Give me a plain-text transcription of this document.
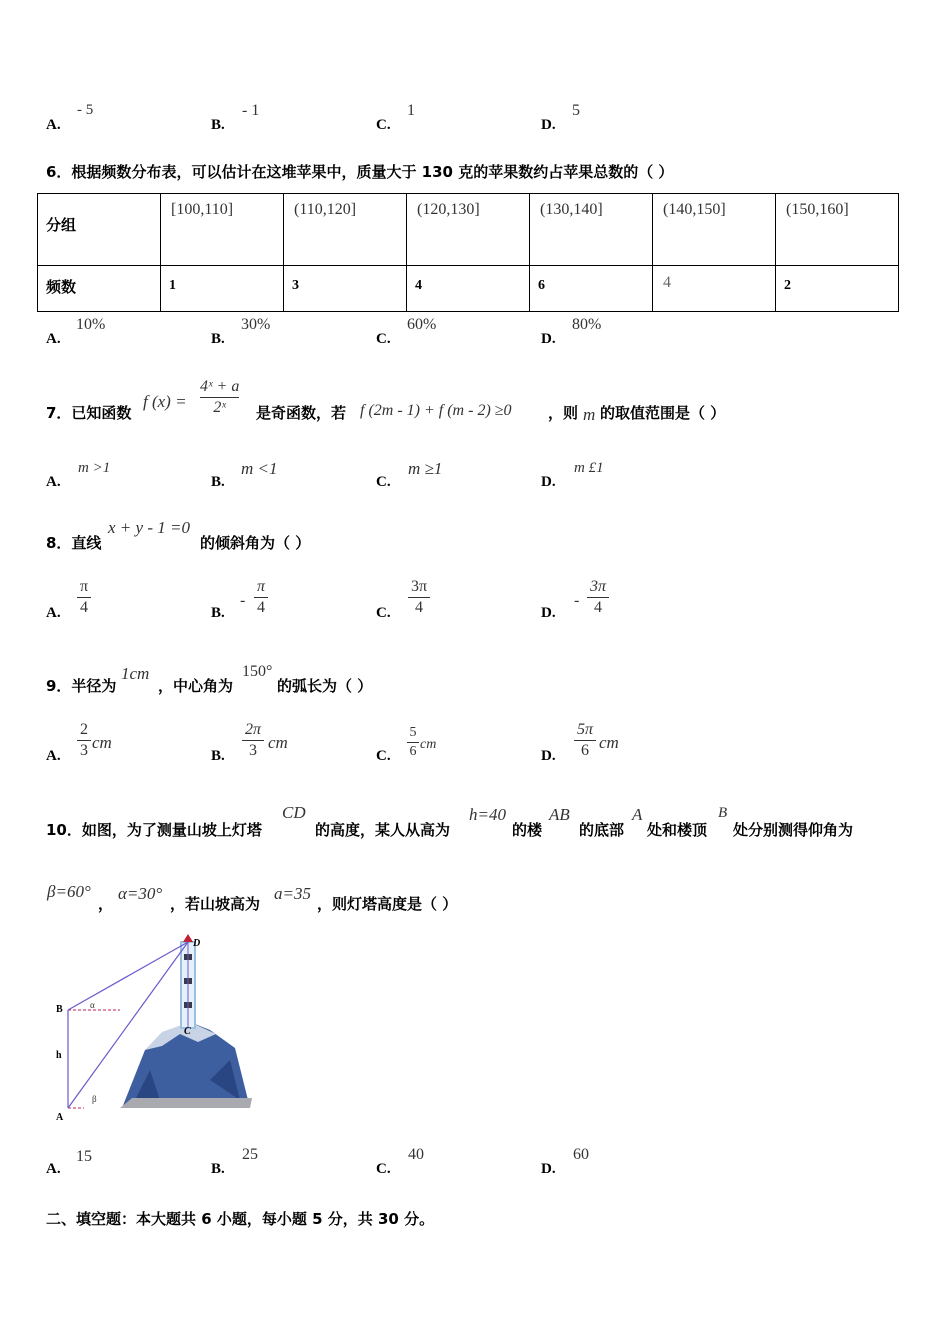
A.
- 5
B.
- 1
C.
1
D.
5
6．根据频数分布表，可以估计在这堆苹果中，质量大于 130 克的苹果数约占苹果总数的（ ）
分组	[100,110]	(110,120]	(120,130]	(130,140]	(140,150]	(150,160]

频数	1	3	4	6	4	2
A.
10%
B.
30%
C.
60%
D.
80%
7．已知函数
f (x) =
4ˣ + a
2ˣ 是奇函数，若 f (2m - 1) + f (m - 2) ≥0 ，则 m 的取值范围是（ ）
A.
m >1
B.
m <1
C.
m ≥1
D.
m £1
8．直线
x + y - 1 =0
的倾斜角为（ ）
A.
π
4	B.
-
π
4	C.
3π
4	D.
-
3π
4
9．半径为
1cm
，中心角为
150°
的弧长为（ ）
A.
2
3 cm
B.
2π
3 cm
C.
5
6 cm
D.
5π
6 cm
10．如图，为了测量山坡上灯塔
CD
的高度，某人从高为
h=40
的楼
AB
的底部
A
处和楼顶
B
处分别测得仰角为
β=60°
，
α=30°
，若山坡高为
a=35
，则灯塔高度是（ ）
D
B	α
h
C
A
β
A.
15
B.
25
C.
40
D.
60
二、填空题：本大题共 6 小题，每小题 5 分，共 30 分。
